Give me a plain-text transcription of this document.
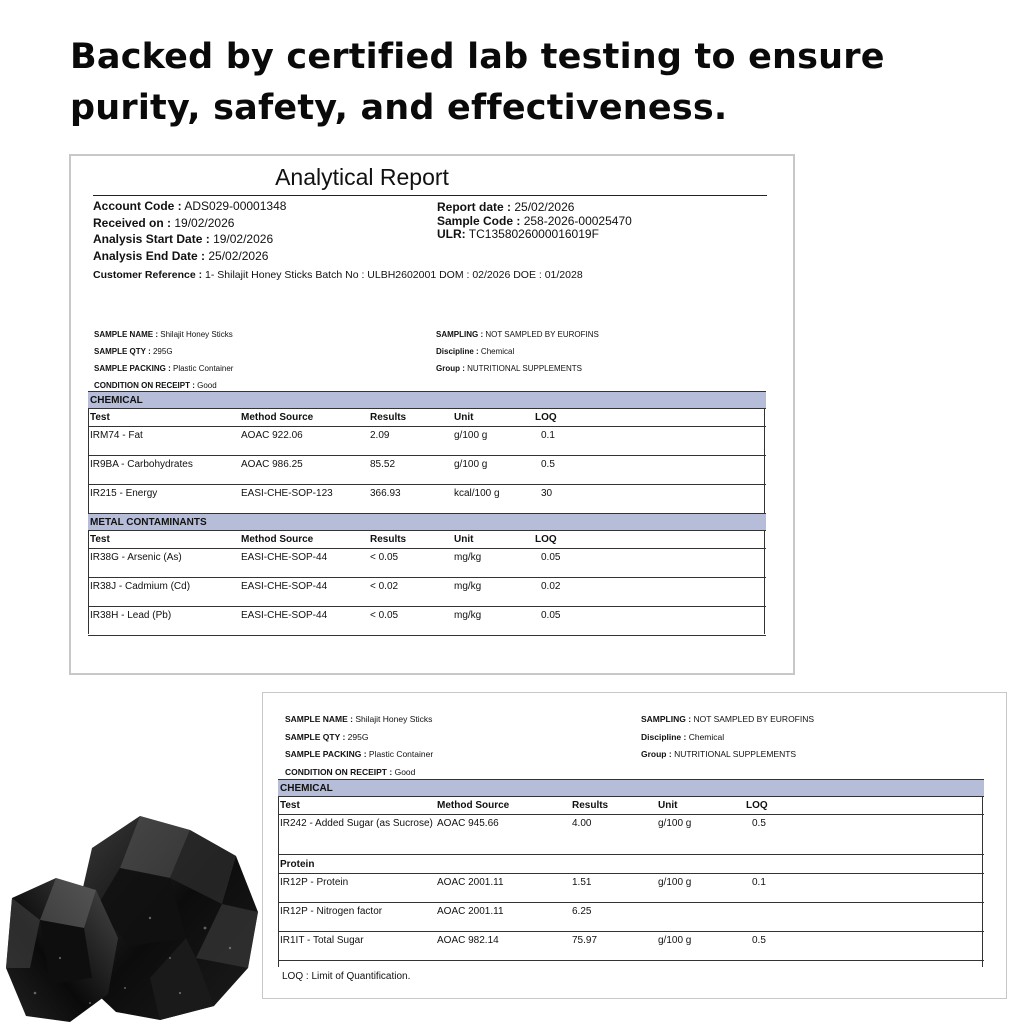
Backed by certified lab testing to ensure
purity, safety, and effectiveness.
Analytical Report
Account Code : ADS029-00001348
Received on : 19/02/2026
Analysis Start Date : 19/02/2026
Analysis End Date : 25/02/2026
Report date : 25/02/2026
Sample Code : 258-2026-00025470
ULR: TC1358026000016019F
Customer Reference : 1- Shilajit Honey Sticks Batch No : ULBH2602001 DOM : 02/2026 DOE : 01/2028
SAMPLE NAME : Shilajit Honey Sticks
SAMPLE QTY : 295G
SAMPLE PACKING : Plastic Container
CONDITION ON RECEIPT : Good
SAMPLING : NOT SAMPLED BY EUROFINS
Discipline : Chemical
Group : NUTRITIONAL SUPPLEMENTS
CHEMICAL				
Test	Method Source	Results	Unit	LOQ
IRM74 - Fat	AOAC 922.06	2.09	g/100 g	0.1
IR9BA - Carbohydrates	AOAC 986.25	85.52	g/100 g	0.5
IR215 - Energy	EASI-CHE-SOP-123	366.93	kcal/100 g	30
METAL CONTAMINANTS				
Test	Method Source	Results	Unit	LOQ
IR38G - Arsenic (As)	EASI-CHE-SOP-44	< 0.05	mg/kg	0.05
IR38J - Cadmium (Cd)	EASI-CHE-SOP-44	< 0.02	mg/kg	0.02
IR38H - Lead (Pb)	EASI-CHE-SOP-44	< 0.05	mg/kg	0.05
SAMPLE NAME : Shilajit Honey Sticks
SAMPLE QTY : 295G
SAMPLE PACKING : Plastic Container
CONDITION ON RECEIPT : Good
SAMPLING : NOT SAMPLED BY EUROFINS
Discipline : Chemical
Group : NUTRITIONAL SUPPLEMENTS
CHEMICAL				
Test	Method Source	Results	Unit	LOQ
IR242 - Added Sugar (as Sucrose)	AOAC 945.66	4.00	g/100 g	0.5
Protein				
IR12P - Protein	AOAC 2001.11	1.51	g/100 g	0.1
IR12P - Nitrogen factor	AOAC 2001.11	6.25		
IR1IT - Total Sugar	AOAC 982.14	75.97	g/100 g	0.5
LOQ : Limit of Quantification.
